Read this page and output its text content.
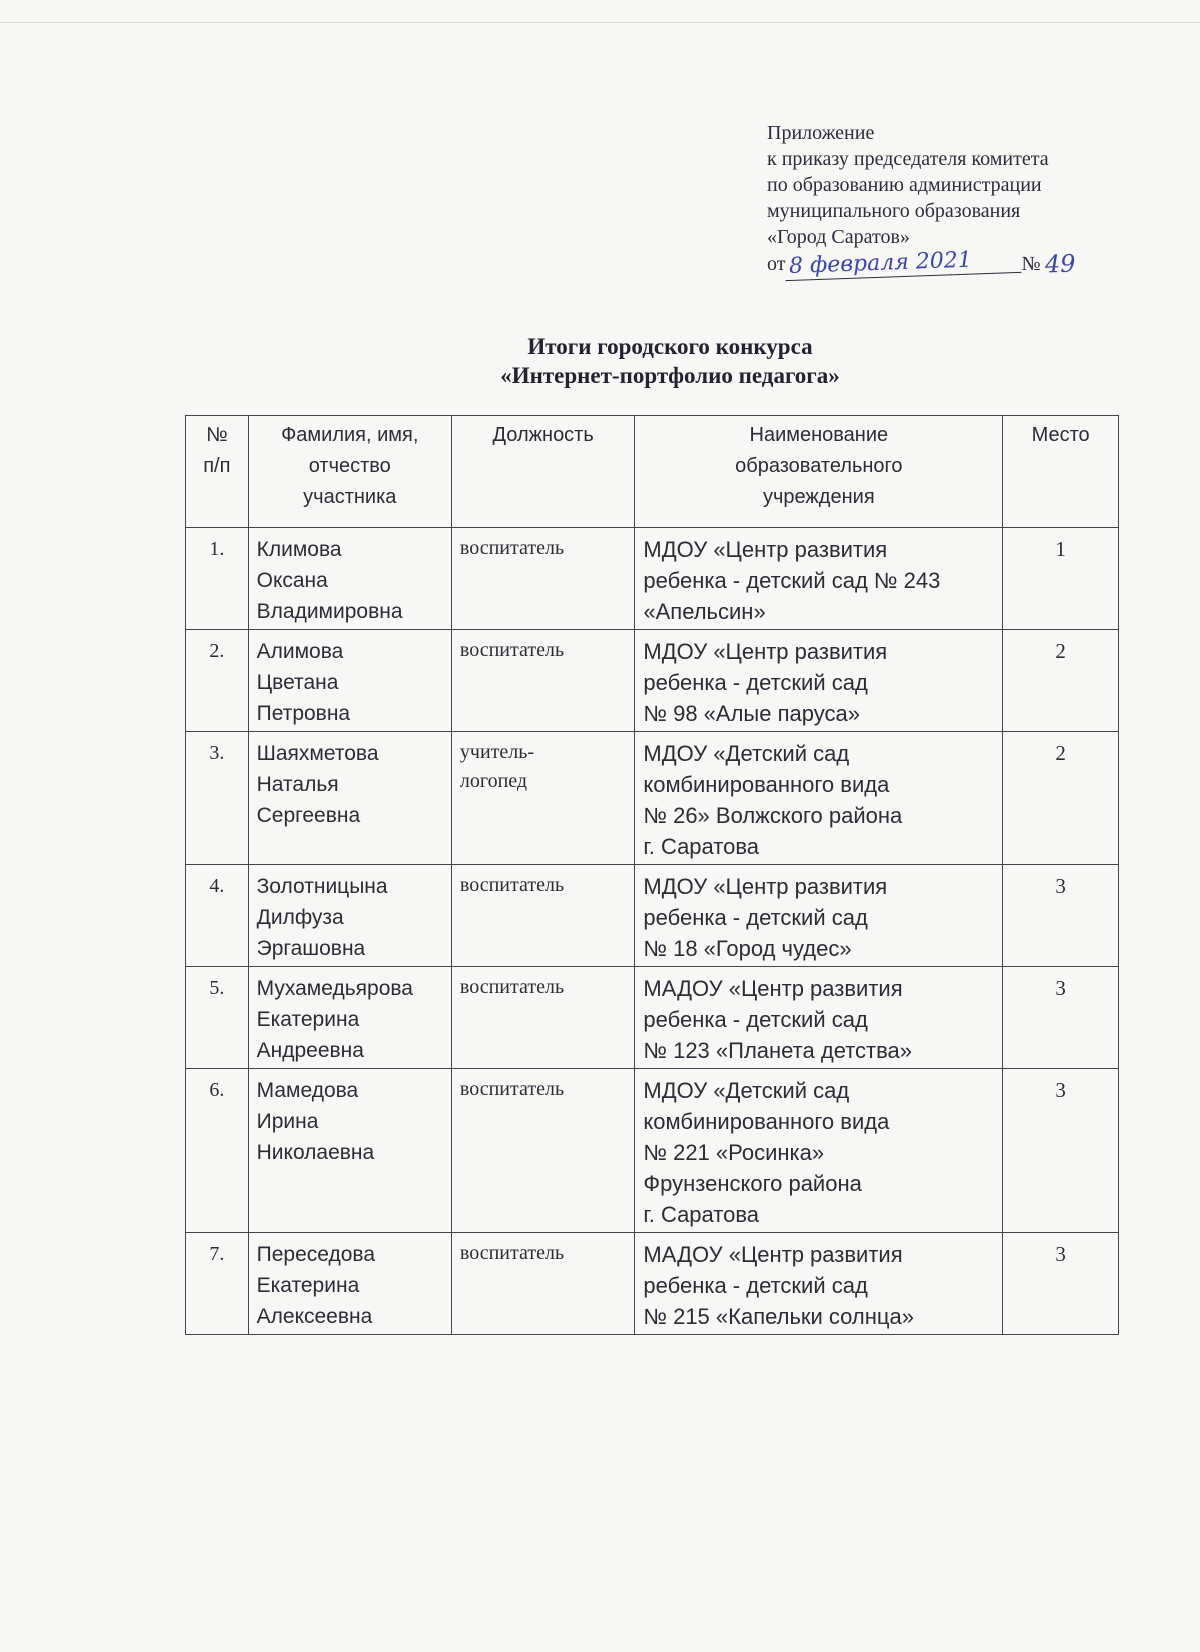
Приложение
к приказу председателя комитета
по образованию администрации
муниципального образования
«Город Саратов»
от 8 февраля 2021	№ 49
Итоги городского конкурса
«Интернет-портфолио педагога»
№
п/п	Фамилия, имя,
отчество
участника	Должность	Наименование
образовательного
учреждения	Место
1.	Климова
Оксана
Владимировна	воспитатель	МДОУ «Центр развития
ребенка - детский сад № 243
«Апельсин»	1
2.	Алимова
Цветана
Петровна	воспитатель	МДОУ «Центр развития
ребенка - детский сад
№ 98 «Алые паруса»	2
3.	Шаяхметова
Наталья
Сергеевна	учитель-
логопед	МДОУ «Детский сад
комбинированного вида
№ 26» Волжского района
г. Саратова	2
4.	Золотницына
Дилфуза
Эргашовна	воспитатель	МДОУ «Центр развития
ребенка - детский сад
№ 18 «Город чудес»	3
5.	Мухамедьярова
Екатерина
Андреевна	воспитатель	МАДОУ «Центр развития
ребенка - детский сад
№ 123 «Планета детства»	3
6.	Мамедова
Ирина
Николаевна	воспитатель	МДОУ «Детский сад
комбинированного вида
№ 221 «Росинка»
Фрунзенского района
г. Саратова	3
7.	Переседова
Екатерина
Алексеевна	воспитатель	МАДОУ «Центр развития
ребенка - детский сад
№ 215 «Капельки солнца»	3
